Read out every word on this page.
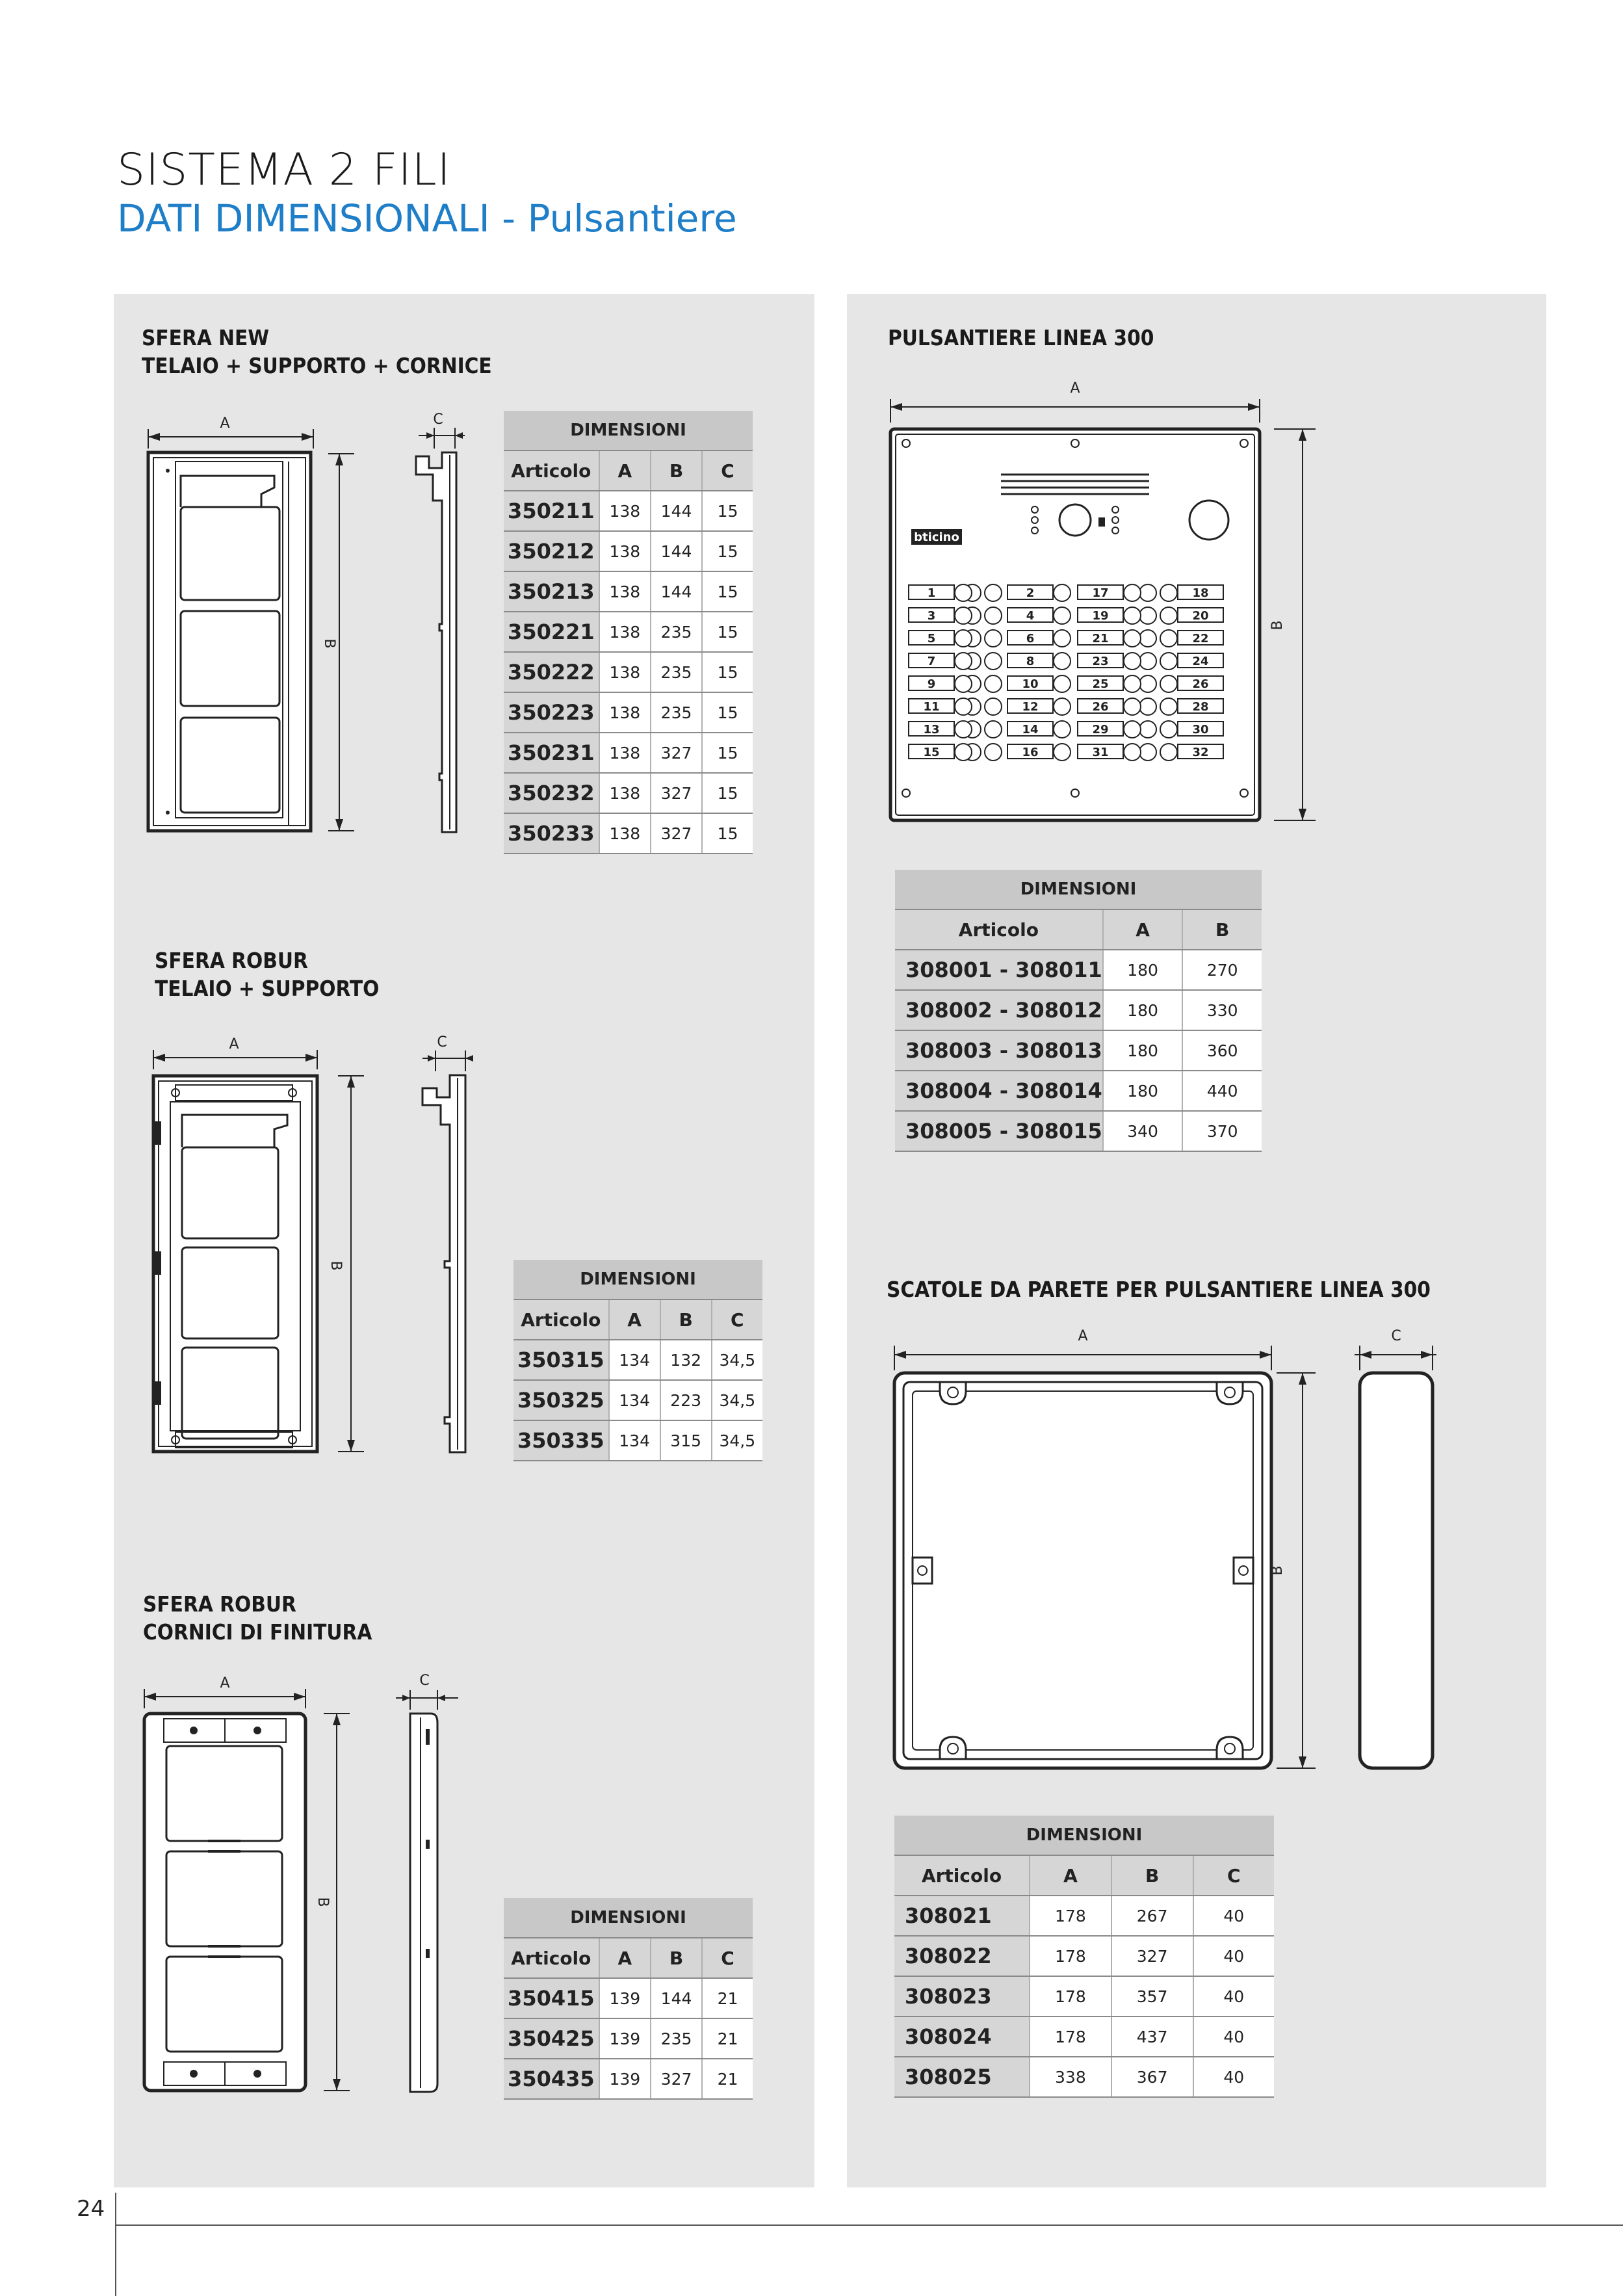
SISTEMA 2 FILI
DATI DIMENSIONALI - Pulsantiere
SFERA NEW
TELAIO + SUPPORTO + CORNICE
A
B
C
DIMENSIONI			
Articolo	A	B	C
350211	138	144	15
350212	138	144	15
350213	138	144	15
350221	138	235	15
350222	138	235	15
350223	138	235	15
350231	138	327	15
350232	138	327	15
350233	138	327	15
SFERA ROBUR
TELAIO + SUPPORTO
A
B
C
DIMENSIONI			
Articolo	A	B	C
350315	134	132	34,5
350325	134	223	34,5
350335	134	315	34,5
SFERA ROBUR
CORNICI DI FINITURA
A
B
C
DIMENSIONI			
Articolo	A	B	C
350415	139	144	21
350425	139	235	21
350435	139	327	21
PULSANTIERE LINEA 300
bticino
A
B
1
3
5
7
9
11
13
15
2
4
6
8
10
12
14
16
17
19
21
23
25
26
29
31
18
20
22
24
26
28
30
32
DIMENSIONI		
Articolo	A	B
308001 - 308011	180	270
308002 - 308012	180	330
308003 - 308013	180	360
308004 - 308014	180	440
308005 - 308015	340	370
SCATOLE DA PARETE PER PULSANTIERE LINEA 300
A
B
C
DIMENSIONI			
Articolo	A	B	C
308021	178	267	40
308022	178	327	40
308023	178	357	40
308024	178	437	40
308025	338	367	40
24
